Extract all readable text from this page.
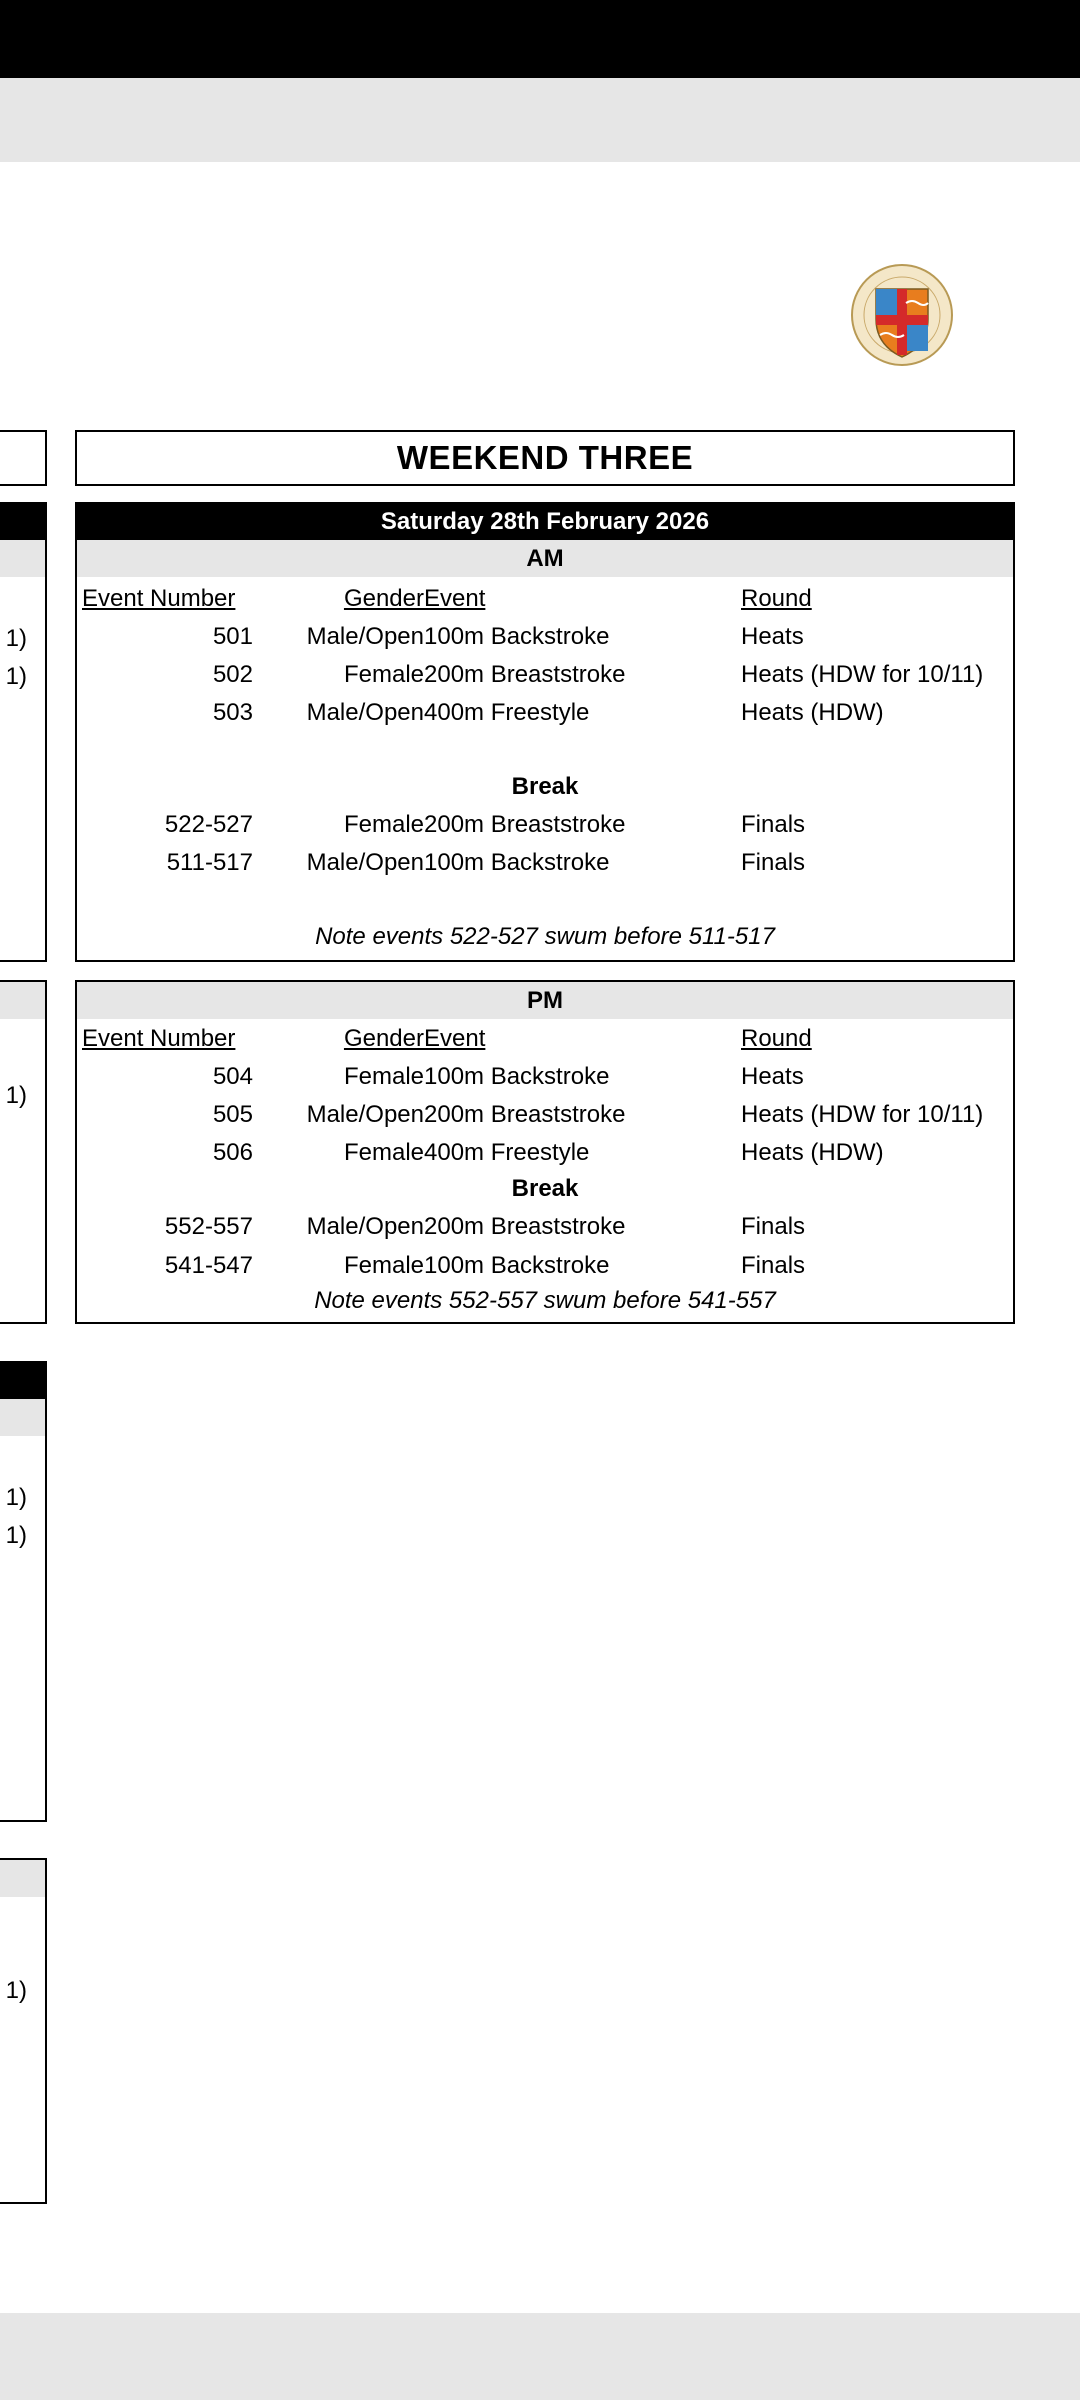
1)
1)
1)
1)
1)
1)
WEEKEND THREE
Saturday 28th February 2026
AM
Event Number	Gender Event	Round
501 Male/Open 100m Backstroke	Heats
502	Female 200m Breaststroke	Heats (HDW for 10/11)
503 Male/Open 400m Freestyle	Heats (HDW)
Break
522-527	Female 200m Breaststroke	Finals
511-517 Male/Open 100m Backstroke	Finals
Note events 522-527 swum before 511-517
PM
Event Number	Gender Event	Round
504	Female 100m Backstroke	Heats
505 Male/Open 200m Breaststroke	Heats (HDW for 10/11)
506	Female 400m Freestyle	Heats (HDW)
Break
552-557 Male/Open 200m Breaststroke	Finals
541-547	Female 100m Backstroke	Finals
Note events 552-557 swum before 541-557
